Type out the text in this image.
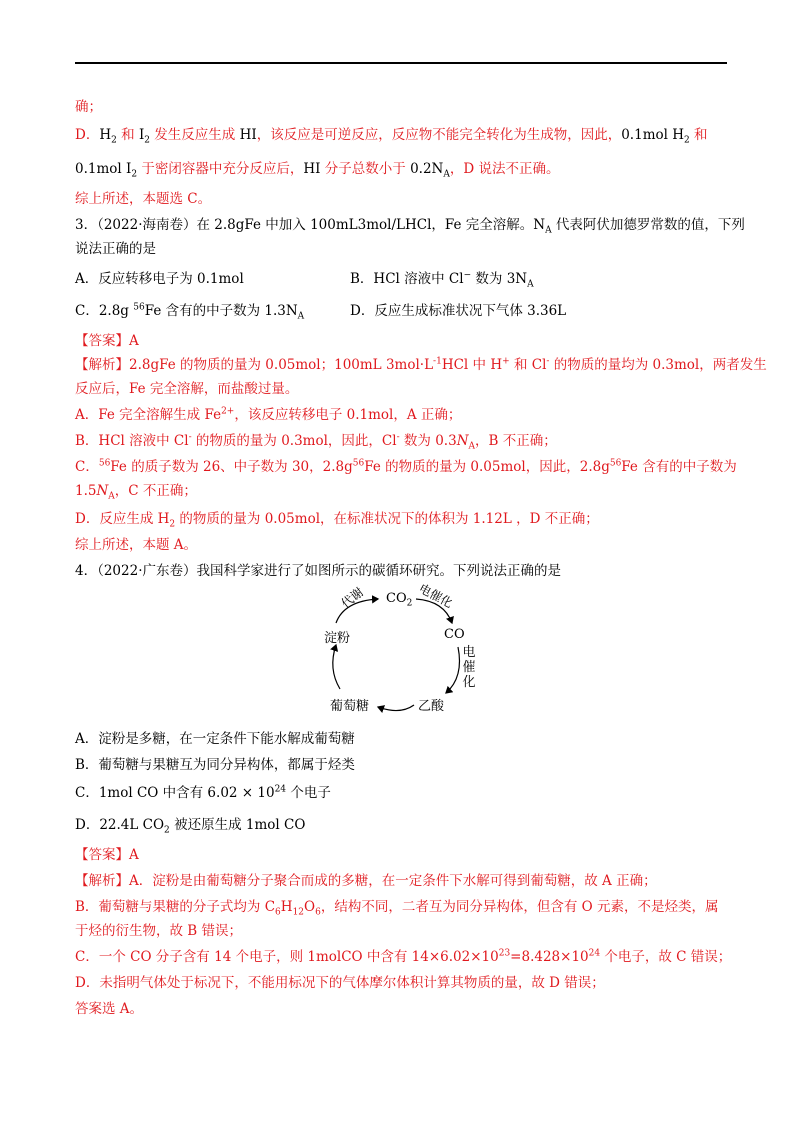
确；
D．$H_2$ 和 $I_2$ 发生反应生成 HI，该反应是可逆反应，反应物不能完全转化为生成物，因此，0.1mol $H_2$ 和
0.1mol $I_2$ 于密闭容器中充分反应后，HI 分子总数小于 $0.2N_A$，D 说法不正确。
综上所述，本题选 C。
3．（2022·海南卷）在 2.8gFe 中加入 100mL3mol/LHCl，Fe 完全溶解。$N_A$ 代表阿伏加德罗常数的值，下列
说法正确的是
A．反应转移电子为 0.1mol	B．HCl 溶液中 Cl− 数为 $3N_A$
C．2.8g $^{56}$Fe 含有的中子数为 $1.3N_A$	D．反应生成标准状况下气体 3.36L
【答案】A
【解析】2.8gFe 的物质的量为 0.05mol；100mL $3mol\cdot L^{-1}HCl$ 中 H+ 和 Cl- 的物质的量均为 0.3mol，两者发生
反应后，Fe 完全溶解，而盐酸过量。
A．Fe 完全溶解生成 $Fe^{2+}$，该反应转移电子 0.1mol，A 正确；
B．HCl 溶液中 Cl- 的物质的量为 0.3mol，因此，Cl- 数为 $0.3N_A$，B 不正确；
C．$^{56}$Fe 的质子数为 26、中子数为 30，$2.8g^{56}Fe$ 的物质的量为 0.05mol，因此，$2.8g^{56}Fe$ 含有的中子数为
$1.5N_A$，C 不正确；
D．反应生成 $H_2$ 的物质的量为 0.05mol，在标准状况下的体积为 1.12L ，D 不正确；
综上所述，本题 A。
4．（2022·广东卷）我国科学家进行了如图所示的碳循环研究。下列说法正确的是
$CO_2$
CO
乙酸
葡萄糖
淀粉
代谢	电催化
电
催
化
A．淀粉是多糖，在一定条件下能水解成葡萄糖
B．葡萄糖与果糖互为同分异构体，都属于烃类
C．1mol CO 中含有 $6.02 \times 10^{24}$ 个电子
D．22.4L $CO_2$ 被还原生成 1mol CO
【答案】A
【解析】A．淀粉是由葡萄糖分子聚合而成的多糖，在一定条件下水解可得到葡萄糖，故 A 正确；
B．葡萄糖与果糖的分子式均为 $C_6H_{12}O_6$，结构不同，二者互为同分异构体，但含有 O 元素，不是烃类，属
于烃的衍生物，故 B 错误；
C．一个 CO 分子含有 14 个电子，则 1molCO 中含有 $14\times 6.02\times 10^{23}=8.428\times 10^{24}$ 个电子，故 C 错误；
D．未指明气体处于标况下，不能用标况下的气体摩尔体积计算其物质的量，故 D 错误；
答案选 A。
